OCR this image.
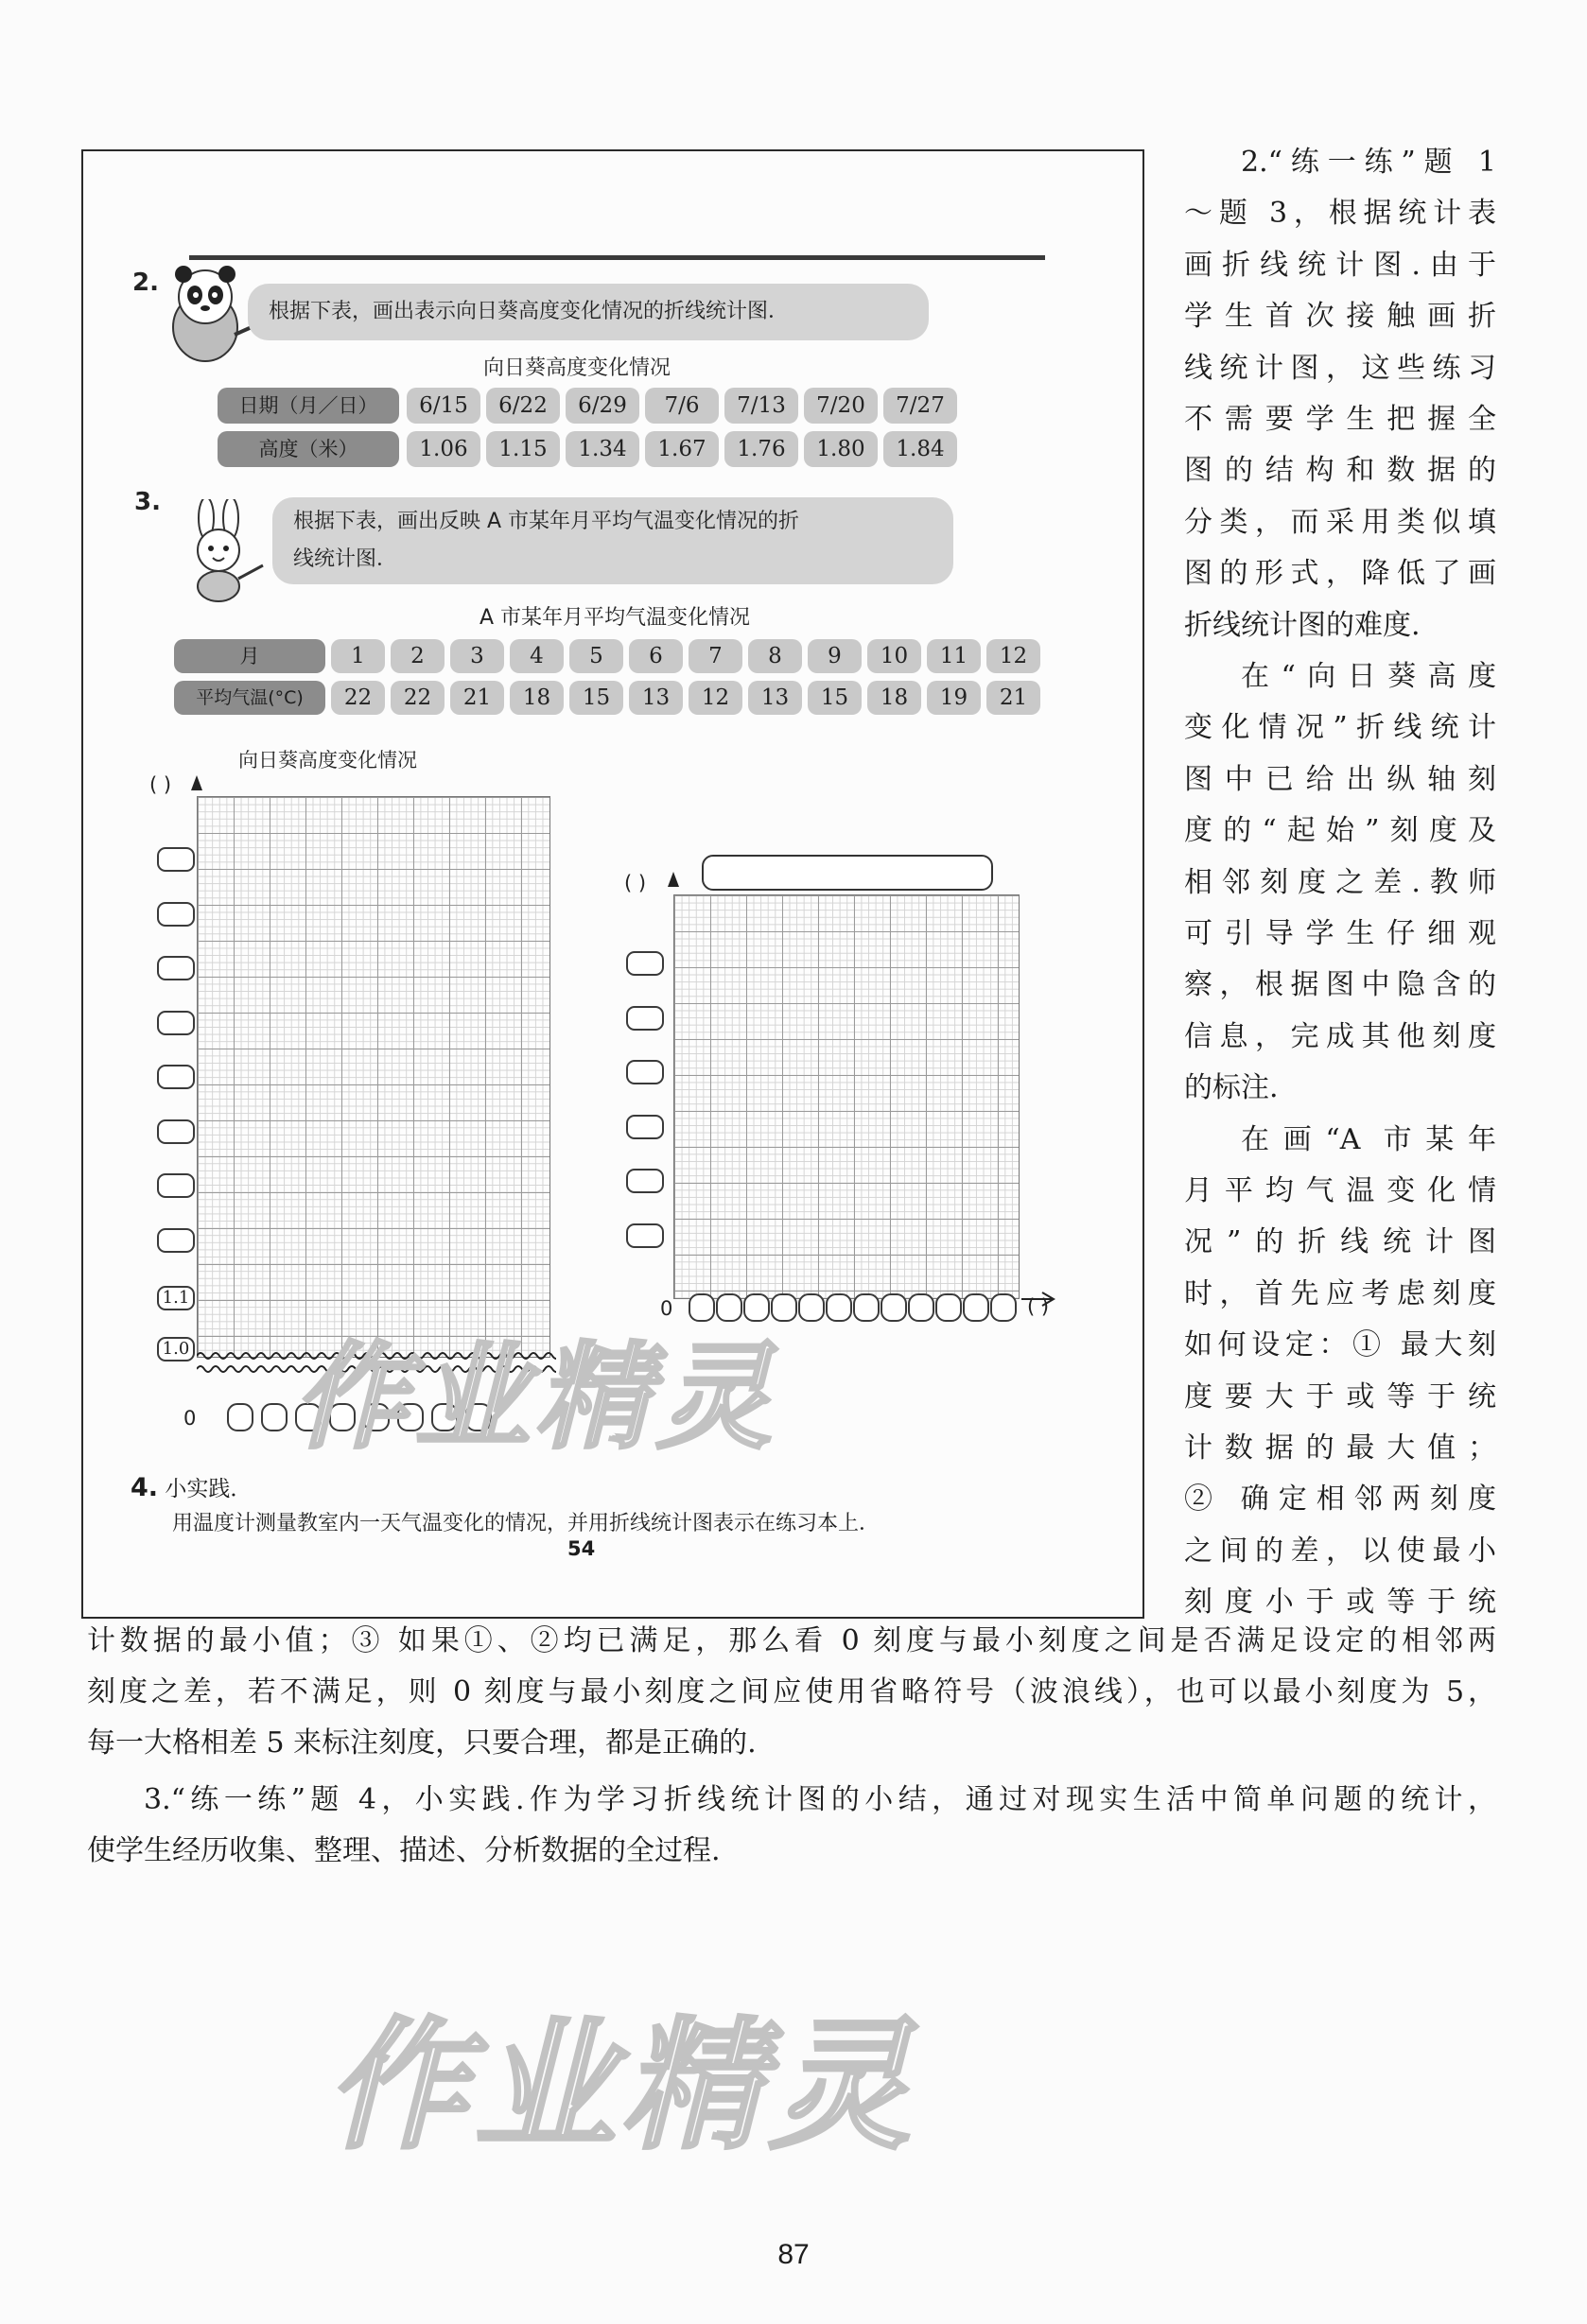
2.
根据下表，画出表示向日葵高度变化情况的折线统计图．
向日葵高度变化情况
日期（月／日）
高度（米）
6/15
1.06
6/22
1.15
6/29
1.34
7/6
1.67
7/13
1.76
7/20
1.80
7/27
1.84
3.
根据下表，画出反映 A 市某年月平均气温变化情况的折
线统计图．
A 市某年月平均气温变化情况
月
平均气温(°C)
1
22
2
22
3
21
4
18
5
15
6
13
7
12
8
13
9
15
10
18
11
19
12
21
向日葵高度变化情况
( )
1.1
1.0
0
( )
( )
0
4. 小实践．
用温度计测量教室内一天气温变化的情况，并用折线统计图表示在练习本上．
54
作业精灵
2.“练一练”题 1
～题 3，根据统计表
画折线统计图.由于
学生首次接触画折
线统计图，这些练习
不需要学生把握全
图的结构和数据的
分类，而采用类似填
图的形式，降低了画
折线统计图的难度.
在“向日葵高度
变化情况”折线统计
图中已给出纵轴刻
度的“起始”刻度及
相邻刻度之差.教师
可引导学生仔细观
察，根据图中隐含的
信息，完成其他刻度
的标注.
在画“A 市某年
月平均气温变化情
况”的折线统计图
时，首先应考虑刻度
如何设定：① 最大刻
度要大于或等于统
计数据的最大值；
② 确定相邻两刻度
之间的差，以使最小
刻度小于或等于统
计数据的最小值；③ 如果①、②均已满足，那么看 0 刻度与最小刻度之间是否满足设定的相邻两
刻度之差，若不满足，则 0 刻度与最小刻度之间应使用省略符号（波浪线），也可以最小刻度为 5，
每一大格相差 5 来标注刻度，只要合理，都是正确的.
3.“练一练”题 4，小实践.作为学习折线统计图的小结，通过对现实生活中简单问题的统计，
使学生经历收集、整理、描述、分析数据的全过程.
作业精灵
87
